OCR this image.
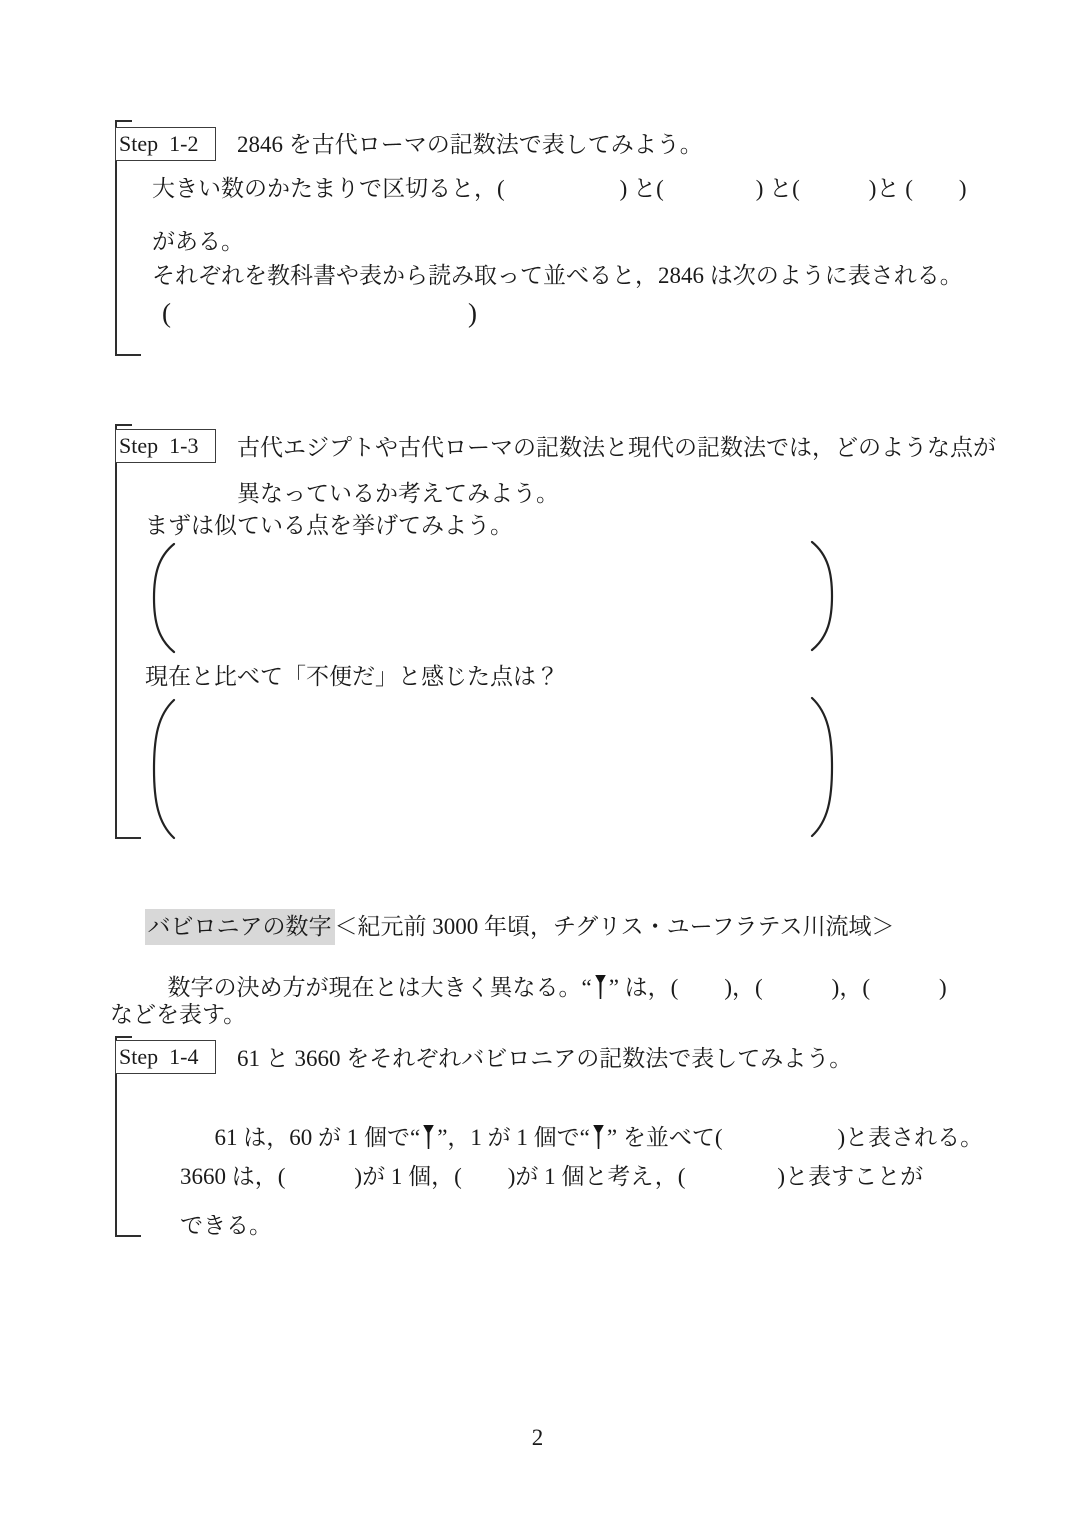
Step  1-2	2846 を古代ローマの記数法で表してみよう。
大きい数のかたまりで区切ると，(　　　　　) と(　　　　) と(　　　)と (　　)
がある。
それぞれを教科書や表から読み取って並べると，2846 は次のように表される。
(　　　　　　　　　　　)
Step  1-3	古代エジプトや古代ローマの記数法と現代の記数法では，どのような点が
異なっているか考えてみよう。
まずは似ている点を挙げてみよう。
現在と比べて「不便だ」と感じた点は？

バビロニアの数字 ＜紀元前 3000 年頃，チグリス・ユーフラテス川流域＞

数字の決め方が現在とは大きく異なる。“ ” は，(　　)，(　　　)，(　　　)

などを表す。
Step  1-4	61 と 3660 をそれぞれバビロニアの記数法で表してみよう。

61 は，60 が 1 個で“ ”，1 が 1 個で“ ” を並べて(　　　　　)と表される。

3660 は，(　　　)が 1 個，(　　)が 1 個と考え，(　　　　)と表すことが
できる。
2
